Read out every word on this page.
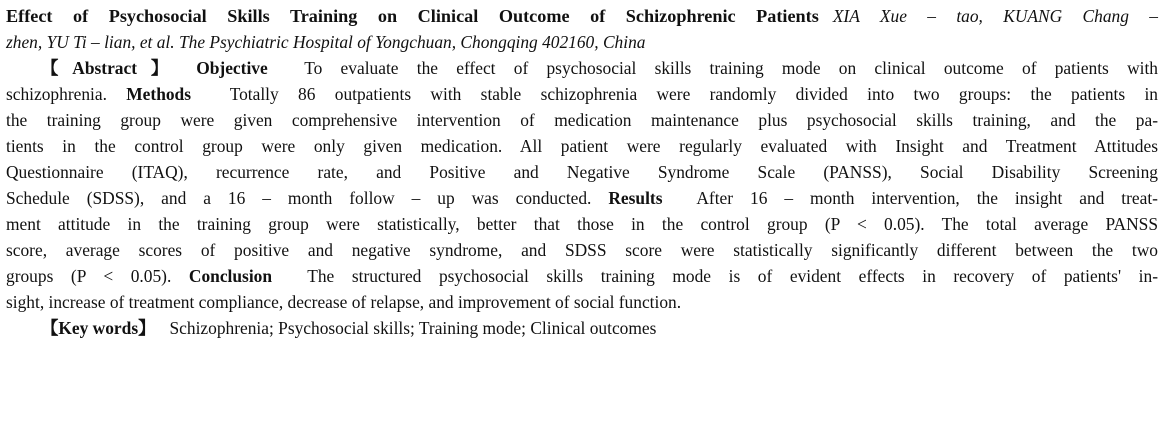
Effect of Psychosocial Skills Training on Clinical Outcome of Schizophrenic Patients XIA Xue – tao, KUANG Chang –
zhen, YU Ti – lian, et al. The Psychiatric Hospital of Yongchuan, Chongqing 402160, China
【Abstract】 Objective To evaluate the effect of psychosocial skills training mode on clinical outcome of patients with
schizophrenia. Methods Totally 86 outpatients with stable schizophrenia were randomly divided into two groups: the patients in
the training group were given comprehensive intervention of medication maintenance plus psychosocial skills training, and the pa-
tients in the control group were only given medication. All patient were regularly evaluated with Insight and Treatment Attitudes
Questionnaire (ITAQ), recurrence rate, and Positive and Negative Syndrome Scale (PANSS), Social Disability Screening
Schedule (SDSS), and a 16 – month follow – up was conducted. Results After 16 – month intervention, the insight and treat-
ment attitude in the training group were statistically, better that those in the control group (P < 0.05). The total average PANSS
score, average scores of positive and negative syndrome, and SDSS score were statistically significantly different between the two
groups (P < 0.05). Conclusion The structured psychosocial skills training mode is of evident effects in recovery of patients' in-
sight, increase of treatment compliance, decrease of relapse, and improvement of social function.
【Key words】 Schizophrenia; Psychosocial skills; Training mode; Clinical outcomes
